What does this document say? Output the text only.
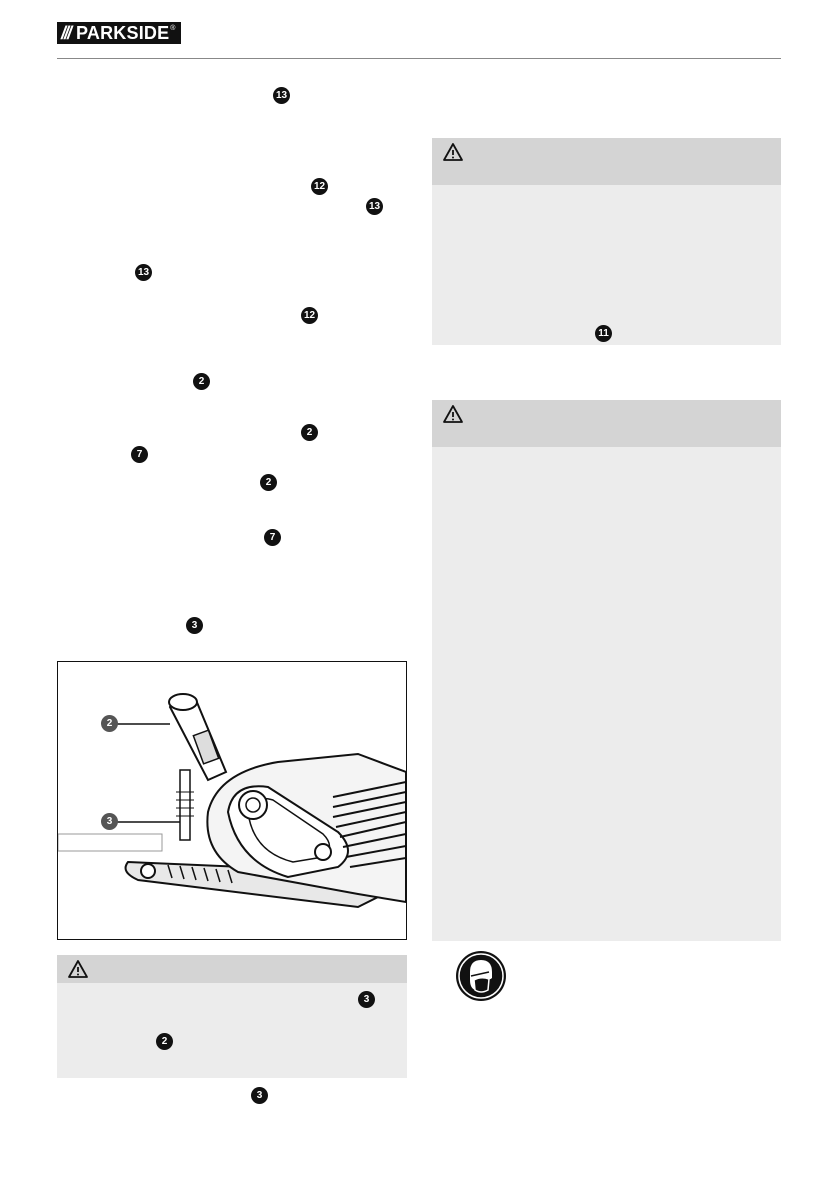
/// PARKSIDE ®
13
12
13
13
12
2
2
7
2
7
3
2
3
3
2
3
11
